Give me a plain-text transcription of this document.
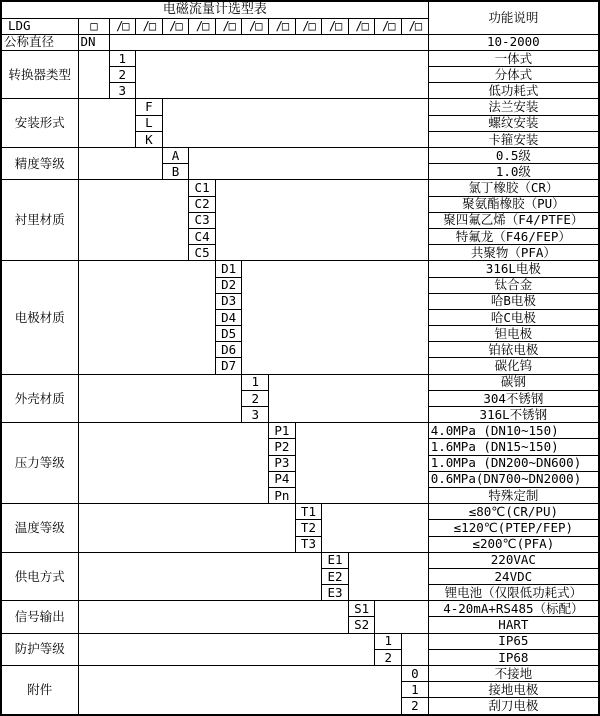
电磁流量计选型表														功能说明
LDG	□	/□	/□	/□	/□	/□	/□	/□	/□	/□	/□	/□	/□	
公称直径	DN													10-2000
转换器类型		1												一体式
		2												分体式
		3												低功耗式
安装形式			F											法兰安装
			L											螺纹安装
			K											卡箍安装
精度等级				A										0.5级
				B										1.0级
衬里材质					C1									氯丁橡胶（CR）
					C2									聚氨酯橡胶（PU）
					C3									聚四氟乙烯（F4/PTFE）
					C4									特氟龙（F46/FEP）
					C5									共聚物（PFA）
电极材质						D1								316L电极
						D2								钛合金
						D3								哈B电极
						D4								哈C电极
						D5								钽电极
						D6								铂铱电极
						D7								碳化钨
外壳材质							1							碳钢
							2							304不锈钢
							3							316L不锈钢
压力等级								P1						4.0MPa (DN10~150)
								P2						1.6MPa (DN15~150)
								P3						1.0MPa (DN200~DN600)
								P4						0.6MPa(DN700~DN2000)
								Pn						特殊定制
温度等级									T1					≤80℃(CR/PU)
									T2					≤120℃(PTEP/FEP)
									T3					≤200℃(PFA)
供电方式										E1				220VAC
										E2				24VDC
										E3				锂电池（仅限低功耗式）
信号输出											S1			4-20mA+RS485（标配）
											S2			HART
防护等级												1		IP65
												2		IP68
附件													0	不接地
													1	接地电极
													2	刮刀电极
